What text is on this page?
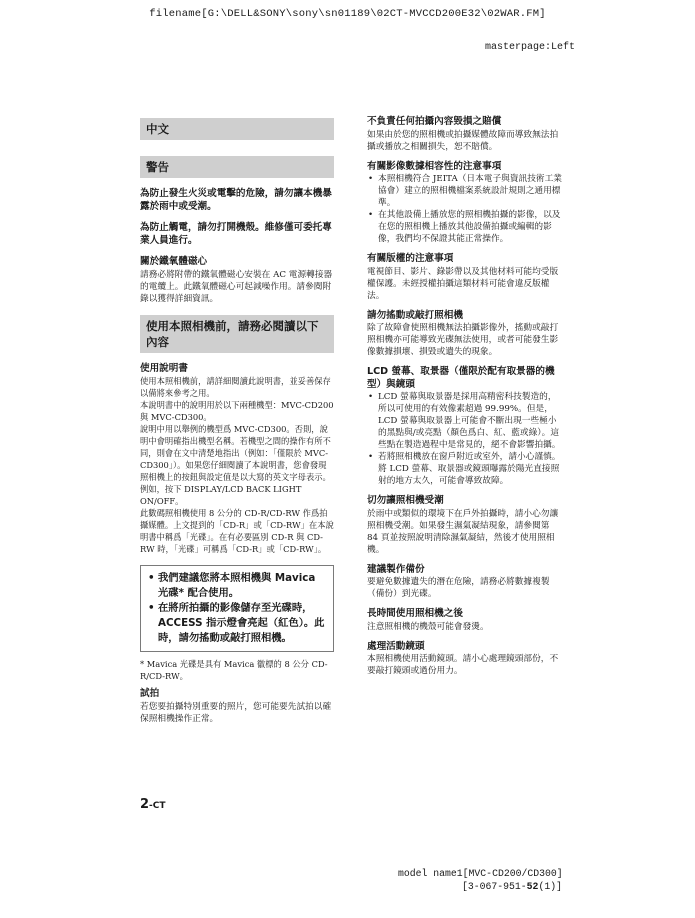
filename[G:\DELL&SONY\sony\sn01189\02CT-MVCCD200E32\02WAR.FM]
masterpage:Left
中文
警告
為防止發生火災或電擊的危險，請勿讓本機暴露於雨中或受潮。
為防止觸電，請勿打開機殼。維修僅可委托專業人員進行。
關於鐵氧體磁心
請務必將附帶的鐵氧體磁心安裝在 AC 電源轉接器的電纜上。此鐵氧體磁心可起減噪作用。請參閱附錄以獲得詳細資訊。
使用本照相機前，請務必閱讀以下內容
使用說明書
使用本照相機前，請詳細閱讀此說明書，並妥善保存以備將來參考之用。
本說明書中的說明用於以下兩種機型：MVC-CD200 與 MVC-CD300。
說明中用以舉例的機型爲 MVC-CD300。否則，說明中會明確指出機型名稱。若機型之間的操作有所不同，則會在文中清楚地指出（例如：「僅限於 MVC-CD300」）。如果您仔細閱讀了本說明書，您會發現照相機上的按鈕與設定值是以大寫的英文字母表示。
例如，按下 DISPLAY/LCD BACK LIGHT ON/OFF。
此數碼照相機使用 8 公分的 CD-R/CD-RW 作爲拍攝媒體。上文提到的「CD-R」或「CD-RW」在本說明書中稱爲「光碟」。在有必要區別 CD-R 與 CD-RW 時，「光碟」可稱爲「CD-R」或「CD-RW」。
• 我們建議您將本照相機與 Mavica 光碟* 配合使用。
• 在將所拍攝的影像儲存至光碟時，ACCESS 指示燈會亮起（紅色）。此時，請勿搖動或敲打照相機。
* Mavica 光碟是具有 Mavica 徽標的 8 公分 CD-R/CD-RW。
試拍
若您要拍攝特別重要的照片，您可能要先試拍以確保照相機操作正常。
2-CT
不負責任何拍攝內容毀損之賠償
如果由於您的照相機或拍攝媒體故障而導致無法拍攝或播放之相關損失，恕不賠償。
有關影像數據相容性的注意事項
• 本照相機符合 JEITA（日本電子與資訊技術工業協會）建立的照相機檔案系統設計規則之通用標準。
• 在其他設備上播放您的照相機拍攝的影像，以及在您的照相機上播放其他設備拍攝或編輯的影像，我們均不保證其能正常操作。
有關版權的注意事項
電視節目、影片、錄影帶以及其他材料可能均受版權保護。未經授權拍攝這類材料可能會違反版權法。
請勿搖動或敲打照相機
除了故障會使照相機無法拍攝影像外，搖動或敲打照相機亦可能導致光碟無法使用，或者可能發生影像數據損壞、損毀或遺失的現象。
LCD 螢幕、取景器（僅限於配有取景器的機型）與鏡頭
• LCD 螢幕與取景器是採用高精密科技製造的，所以可使用的有效像素超過 99.99%。但是，LCD 螢幕與取景器上可能會不斷出現一些極小的黑點與/或亮點（顏色爲白、紅、藍或綠）。這些點在製造過程中是常見的，絕不會影響拍攝。
• 若將照相機放在窗戶附近或室外，請小心謹慎。將 LCD 螢幕、取景器或鏡頭曝露於陽光直接照射的地方太久，可能會導致故障。
切勿讓照相機受潮
於雨中或類似的環境下在戶外拍攝時，請小心勿讓照相機受潮。如果發生濕氣凝結現象，請參閱第 84 頁並按照說明清除濕氣凝結，然後才使用照相機。
建議製作備份
要避免數據遺失的潛在危險，請務必將數據複製（備份）到光碟。
長時間使用照相機之後
注意照相機的機殼可能會發燙。
處理活動鏡頭
本照相機使用活動鏡頭。請小心處理鏡頭部份，不要敲打鏡頭或過份用力。
model name1[MVC-CD200/CD300]
[3-067-951-52(1)]
